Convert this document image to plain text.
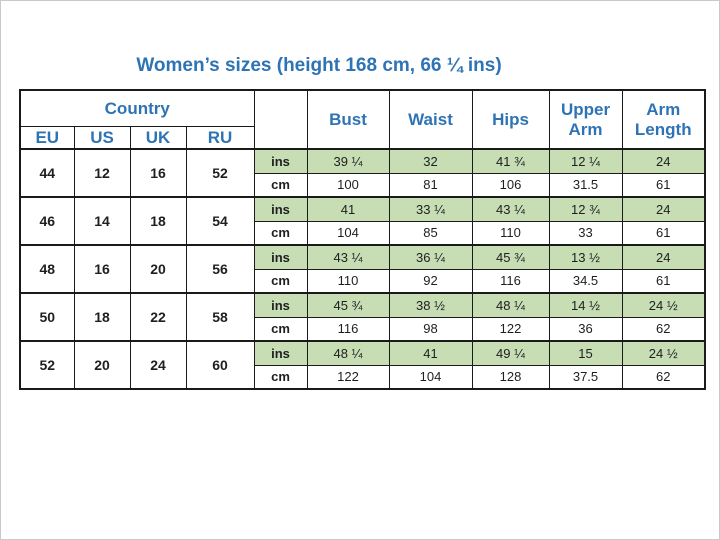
Women’s sizes (height 168 cm, 66 ¼ ins)
Country					Bust	Waist	Hips	Upper Arm	Arm Length
EU	US	UK	RU						
44	12	16	52	ins	39 ¼	32	41 ¾	12 ¼	24
				cm	100	81	106	31.5	61
46	14	18	54	ins	41	33 ¼	43 ¼	12 ¾	24
				cm	104	85	110	33	61
48	16	20	56	ins	43 ¼	36 ¼	45 ¾	13 ½	24
				cm	110	92	116	34.5	61
50	18	22	58	ins	45 ¾	38 ½	48 ¼	14 ½	24 ½
				cm	116	98	122	36	62
52	20	24	60	ins	48 ¼	41	49 ¼	15	24 ½
				cm	122	104	128	37.5	62
